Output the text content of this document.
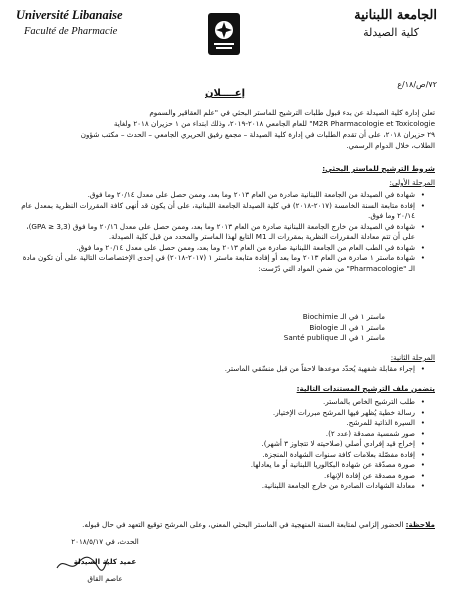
Université Libanaise
Faculté de Pharmacie
الجامعة اللبنانية
كلية الصيدلة
٧٢/ص/١٨/ع
إعــــلان
تعلن إدارة كلية الصيدلة عن بدء قبول طلبات الترشيح للماستر البحثي في "علم العقاقير والسموم
M2R Pharmacologie et Toxicologie" للعام الجامعي ٢٠١٨-٢٠١٩، وذلك ابتداء من ١ حزيران ٢٠١٨ ولغاية
٢٩ حزيران ٢٠١٨، على أن تقدم الطلبات في إدارة كلية الصيدلة – مجمع رفيق الحريري الجامعي – الحدث – مكتب شؤون
الطلاب، خلال الدوام الرسمي.
شروط الترشيح للماستر البحثي:
المرحلة الأولى:
• شهادة في الصيدلة من الجامعة اللبنانية صادرة من العام ٢٠١٣ وما بعد، وممن حصل على معدل ٢٠/١٤ وما فوق.
• إفادة متابعة السنة الخامسة (٢٠١٧-٢٠١٨) في كلية الصيدلة الجامعة اللبنانية، على أن يكون قد أنهى كافة المقررات النظرية بمعدل عام ٢٠/١٤ وما فوق.
• شهادة في الصيدلة من خارج الجامعة اللبنانية صادرة من العام ٢٠١٣ وما بعد، وممن حصل على معدل ٢٠/١٦ وما فوق (GPA ≥ 3,3)، على أن تتم معادلة المقررات النظرية بمقررات الـ M1 التابع لهذا الماستر والمحدد من قبل كلية الصيدلة.
• شهادة في الطب العام من الجامعة اللبنانية صادرة من العام ٢٠١٣ وما بعد، وممن حصل على معدل ٢٠/١٤ وما فوق.
• شهادة ماستر ١ صادرة من العام ٢٠١٣ وما بعد أو إفادة متابعة ماستر ١ (٢٠١٧-٢٠١٨) في إحدى الإختصاصات التالية على أن تكون مادة الـ "Pharmacologie" من ضمن المواد التي دُرّست:
ماستر ١ في الـ Biochimie
ماستر ١ في الـ Biologie
ماستر ١ في الـ Santé publique
المرحلة الثانية:
• إجراء مقابلة شفهية يُحدّد موعدها لاحقاً من قبل منسّقي الماستر.
يتضمن ملف الترشيح المستندات التالية:
• طلب الترشيح الخاص بالماستر.
• رسالة خطية يُظهر فيها المرشح مبررات الإختيار.
• السيرة الذاتية للمرشح.
• صور شمسية مصدقة (عدد ٢).
• إخراج قيد إفرادي أصلي (صلاحيته لا تتجاوز ٣ أشهر).
• إفادة مفصّلة بعلامات كافة سنوات الشهادة المنجزة.
• صورة مصدّقة عن شهادة البكالوريا اللبنانية أو ما يعادلها.
• صورة مصدقة عن إفادة الإنهاء.
• معادلة الشهادات الصادرة من خارج الجامعة اللبنانية.
ملاحظة: الحضور إلزامي لمتابعة السنة المنهجية في الماستر البحثي المعني، وعلى المرشح توقيع التعهد في حال قبوله.
الحدث، في ٢٠١٨/٥/١٧
عميد كلية الصيدلة
عاصم القاق
